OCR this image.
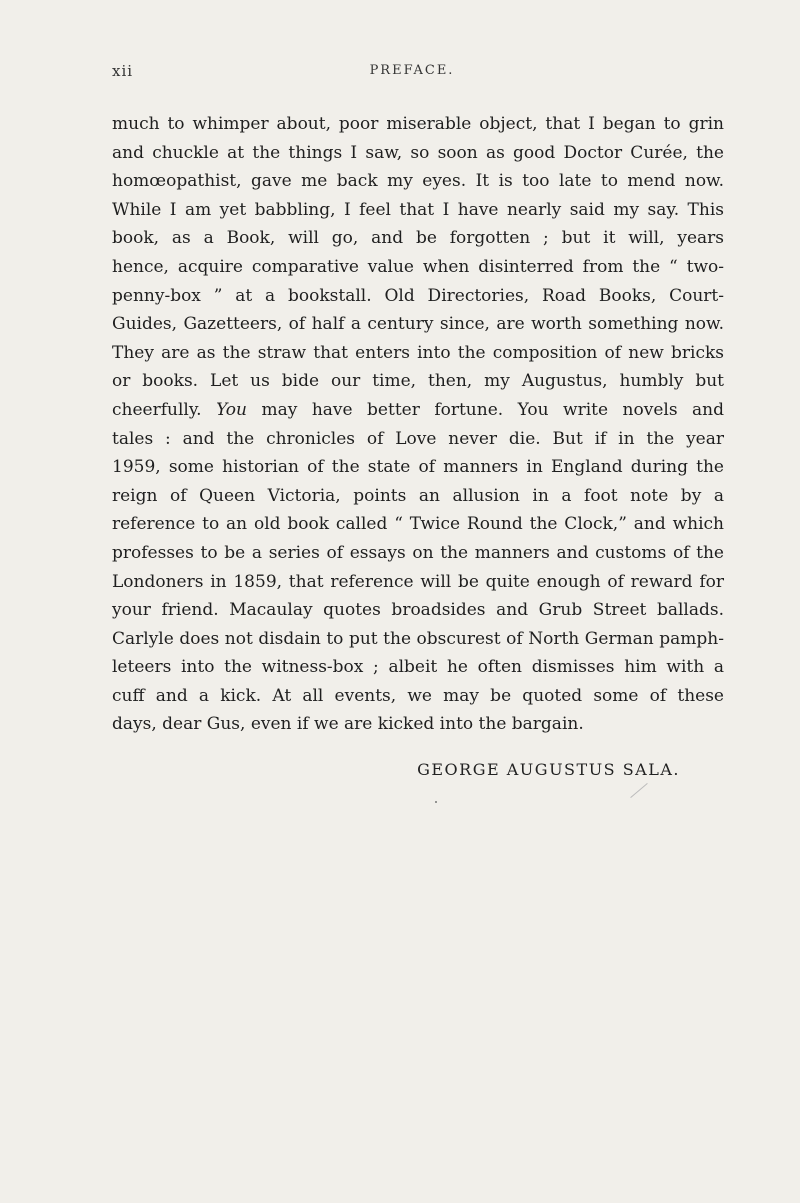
xii	PREFACE.
much to whimper about, poor miserable object, that I began to grin
and chuckle at the things I saw, so soon as good Doctor Curée, the
homœopathist, gave me back my eyes. It is too late to mend now.
While I am yet babbling, I feel that I have nearly said my say. This
book, as a Book, will go, and be forgotten ; but it will, years
hence, acquire comparative value when disinterred from the “ two-
penny-box ” at a bookstall. Old Directories, Road Books, Court-
Guides, Gazetteers, of half a century since, are worth something now.
They are as the straw that enters into the composition of new bricks
or books. Let us bide our time, then, my Augustus, humbly but
cheerfully. You may have better fortune. You write novels and
tales : and the chronicles of Love never die. But if in the year
1959, some historian of the state of manners in England during the
reign of Queen Victoria, points an allusion in a foot note by a
reference to an old book called “ Twice Round the Clock,” and which
professes to be a series of essays on the manners and customs of the
Londoners in 1859, that reference will be quite enough of reward for
your friend. Macaulay quotes broadsides and Grub Street ballads.
Carlyle does not disdain to put the obscurest of North German pamph-
leteers into the witness-box ; albeit he often dismisses him with a
cuff and a kick. At all events, we may be quoted some of these
days, dear Gus, even if we are kicked into the bargain.
GEORGE AUGUSTUS SALA.
